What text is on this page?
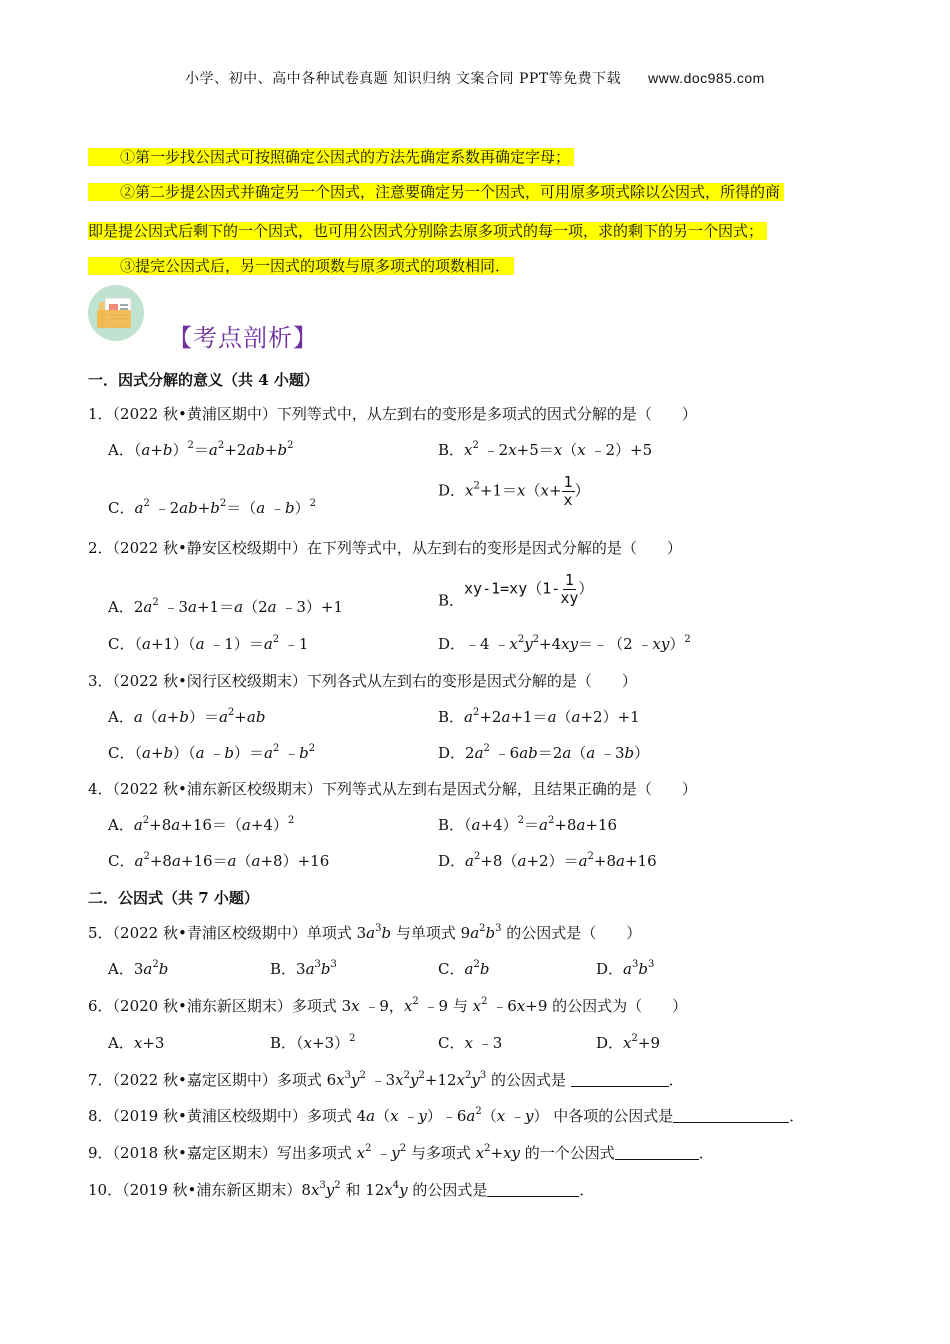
小学、初中、高中各种试卷真题 知识归纳 文案合同 PPT等免费下载 www.doc985.com
①第一步找公因式可按照确定公因式的方法先确定系数再确定字母；
②第二步提公因式并确定另一个因式，注意要确定另一个因式，可用原多项式除以公因式，所得的商
即是提公因式后剩下的一个因式，也可用公因式分别除去原多项式的每一项，求的剩下的另一个因式；
③提完公因式后，另一因式的项数与原多项式的项数相同．
【考点剖析】
一．因式分解的意义（共 4 小题）
1．（2022 秋•黄浦区期中）下列等式中，从左到右的变形是多项式的因式分解的是（　　）
A．$(a+b)^2=a^2+2ab+b^2$	B．$x^2$ ﹣2x+5＝x（x ﹣2）+5
C．$a^2$ $﹣2ab+b^2=(a$ ﹣b）$^2$
D．$x^2+1=x(x+ \frac{1}{x}$ ）
2．（2022 秋•静安区校级期中）在下列等式中，从左到右的变形是因式分解的是（　　）
A．$2a^2$ ﹣3a+1＝a（2a ﹣3）+1	B．$xy-1=xy(1- \frac{1}{xy}$ ）
C．（a+1）（a $﹣1)=a^2$ ﹣1	D．﹣4 $﹣x^2y^2+4xy=﹣(2$ ﹣xy）$^2$
3．（2022 秋•闵行区校级期末）下列各式从左到右的变形是因式分解的是（　　）
A．$a(a+b)=a^2+ab$	B．$a^2+2a+1=a(a+2)+1$
C．（a+b）（a $﹣b)=a^2$ $﹣b^2$	D．$2a^2$ ﹣6ab＝2a（a ﹣3b）
4．（2022 秋•浦东新区校级期末）下列等式从左到右是因式分解，且结果正确的是（　　）
A．$a^2+8a+16=(a+4)^2$	B．$(a+4)^2=a^2+8a+16$
C．$a^2+8a+16=a(a+8)+16$	D．$a^2+8(a+2)=a^2+8a+16$
二．公因式（共 7 小题）
5．（2022 秋•青浦区校级期中）单项式 $3a^3b$ 与单项式 $9a^2b^3$ 的公因式是（　　）
A．$3a^2b$	B．$3a^3b^3$	C．$a^2b$	D．$a^3b^3$
6．（2020 秋•浦东新区期末）多项式 3x ﹣9，$x^2$ ﹣9 与 $x^2$ ﹣6x+9 的公因式为（　　）
A．x+3	B．$(x+3)^2$	C．x ﹣3	D．$x^2+9$
7．（2022 秋•嘉定区期中）多项式 $6x^3y^2$ $﹣3x^2y^2+12x^2y^3$ 的公因式是	．
8．（2019 秋•黄浦区校级期中）多项式 4a（x $﹣y)﹣6a^2(x$ ﹣y） 中各项的公因式是	．
9．（2018 秋•嘉定区期末）写出多项式 $x^2$ $﹣y^2$ 与多项式 $x^2+xy$ 的一个公因式	．
10．（2019 秋•浦东新区期末）$8x^3y^2$ 和 $12x^4y$ 的公因式是	．
